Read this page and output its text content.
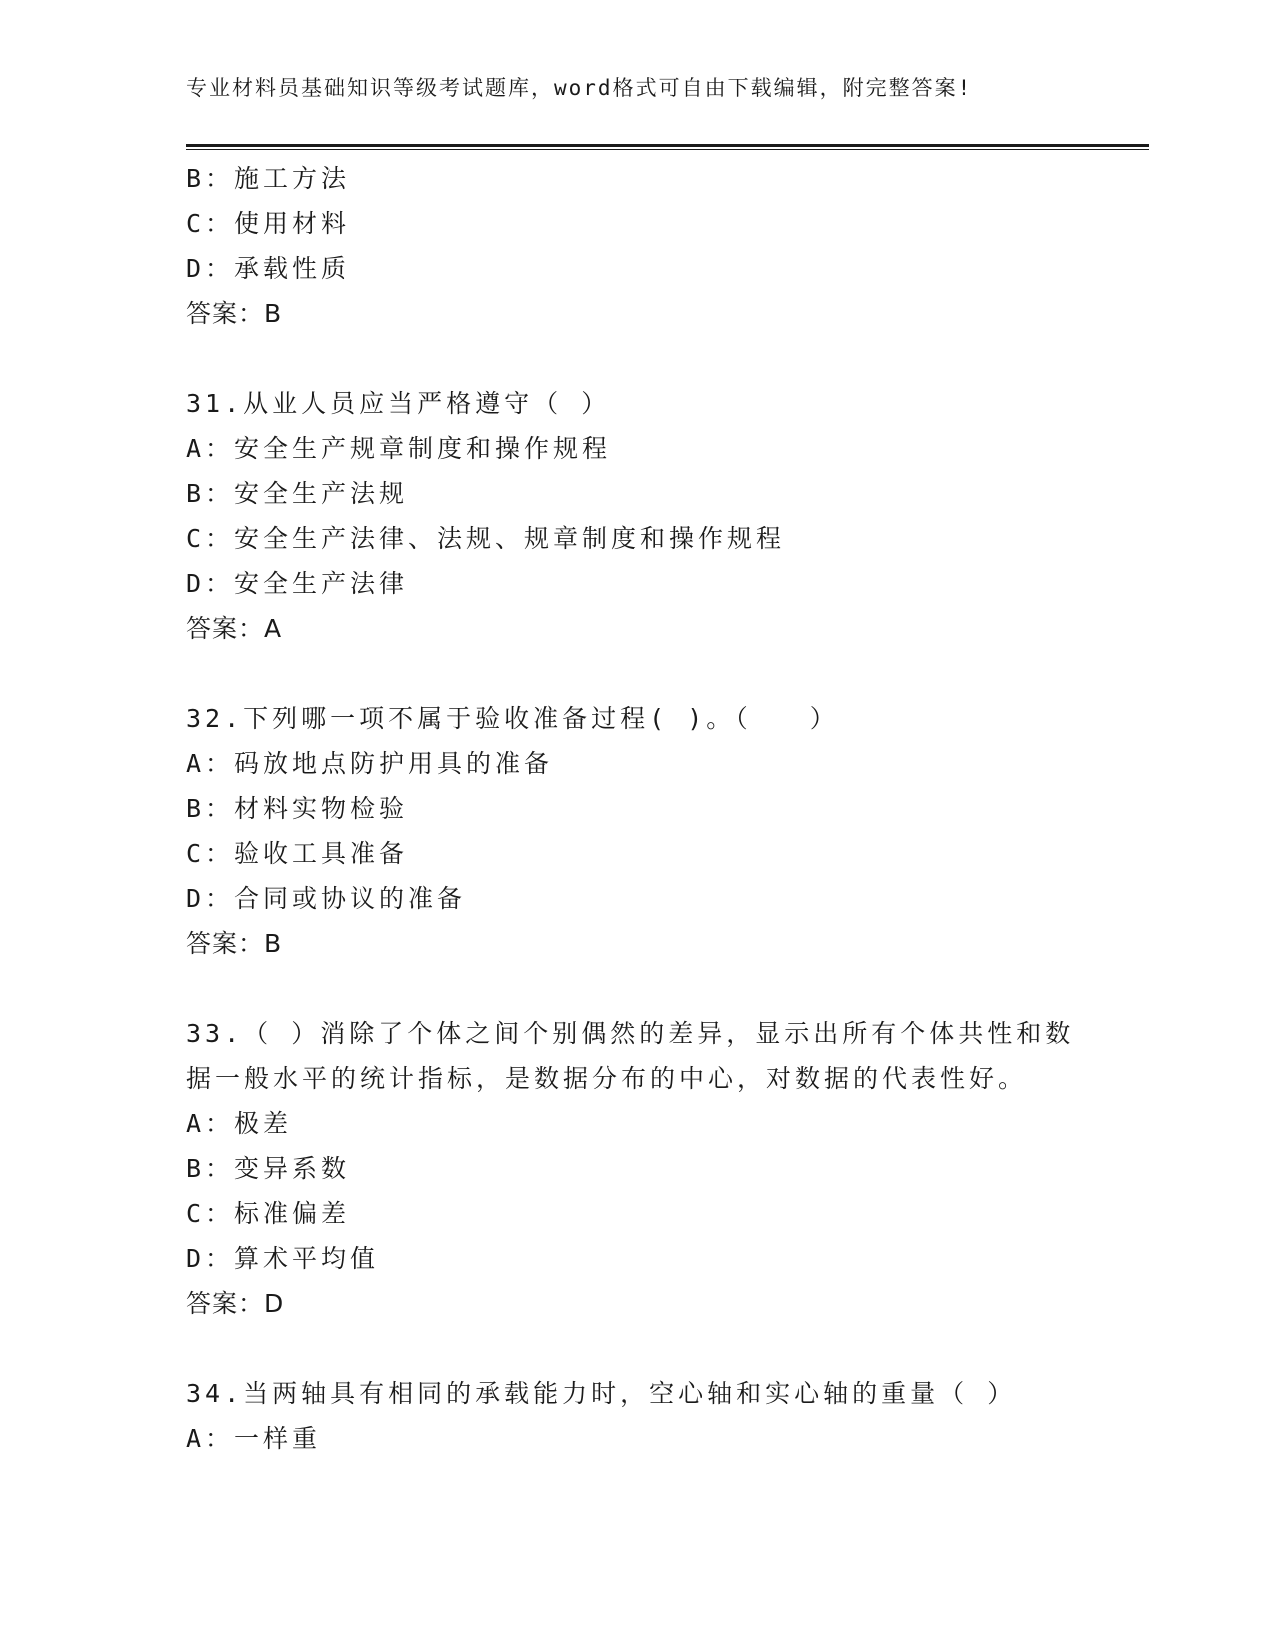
专业材料员基础知识等级考试题库，word格式可自由下载编辑，附完整答案!
B：施工方法
C：使用材料
D：承载性质
答案：B
31.从业人员应当严格遵守（ ）
A：安全生产规章制度和操作规程
B：安全生产法规
C：安全生产法律、法规、规章制度和操作规程
D：安全生产法律
答案：A
32.下列哪一项不属于验收准备过程( )。（　　）
A：码放地点防护用具的准备
B：材料实物检验
C：验收工具准备
D：合同或协议的准备
答案：B
33.（ ）消除了个体之间个别偶然的差异，显示出所有个体共性和数
据一般水平的统计指标，是数据分布的中心，对数据的代表性好。
A：极差
B：变异系数
C：标准偏差
D：算术平均值
答案：D
34.当两轴具有相同的承载能力时，空心轴和实心轴的重量（ ）
A：一样重
